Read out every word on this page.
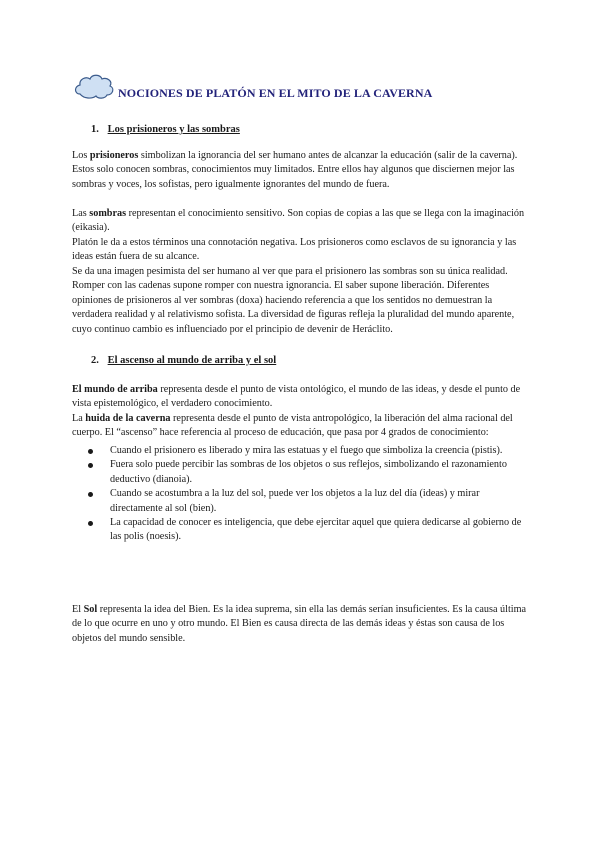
NOCIONES DE PLATÓN EN EL MITO DE LA CAVERNA
1. Los prisioneros y las sombras

Los prisioneros simbolizan la ignorancia del ser humano antes de alcanzar la educación (salir de la caverna). Estos solo conocen sombras, conocimientos muy limitados. Entre ellos hay algunos que disciernen mejor las sombras y voces, los sofistas, pero igualmente ignorantes del mundo de fuera.

Las sombras representan el conocimiento sensitivo. Son copias de copias a las que se llega con la imaginación (eikasia).

Platón le da a estos términos una connotación negativa. Los prisioneros como esclavos de su ignorancia y las ideas están fuera de su alcance.

Se da una imagen pesimista del ser humano al ver que para el prisionero las sombras son su única realidad. Romper con las cadenas supone romper con nuestra ignorancia. El saber supone liberación. Diferentes opiniones de prisioneros al ver sombras (doxa) haciendo referencia a que los sentidos no demuestran la verdadera realidad y al relativismo sofista. La diversidad de figuras refleja la pluralidad del mundo aparente, cuyo continuo cambio es influenciado por el principio de devenir de Heráclito.

2. El ascenso al mundo de arriba y el sol

El mundo de arriba representa desde el punto de vista ontológico, el mundo de las ideas, y desde el punto de vista epistemológico, el verdadero conocimiento.

La huida de la caverna representa desde el punto de vista antropológico, la liberación del alma racional del cuerpo. El “ascenso” hace referencia al proceso de educación, que pasa por 4 grados de conocimiento:

Cuando el prisionero es liberado y mira las estatuas y el fuego que simboliza la creencia (pistis).
Fuera solo puede percibir las sombras de los objetos o sus reflejos, simbolizando el razonamiento deductivo (dianoia).
Cuando se acostumbra a la luz del sol, puede ver los objetos a la luz del día (ideas) y mirar directamente al sol (bien).
La capacidad de conocer es inteligencia, que debe ejercitar aquel que quiera dedicarse al gobierno de las polis (noesis).

El Sol representa la idea del Bien. Es la idea suprema, sin ella las demás serían insuficientes. Es la causa última de lo que ocurre en uno y otro mundo. El Bien es causa directa de las demás ideas y éstas son causa de los objetos del mundo sensible.
